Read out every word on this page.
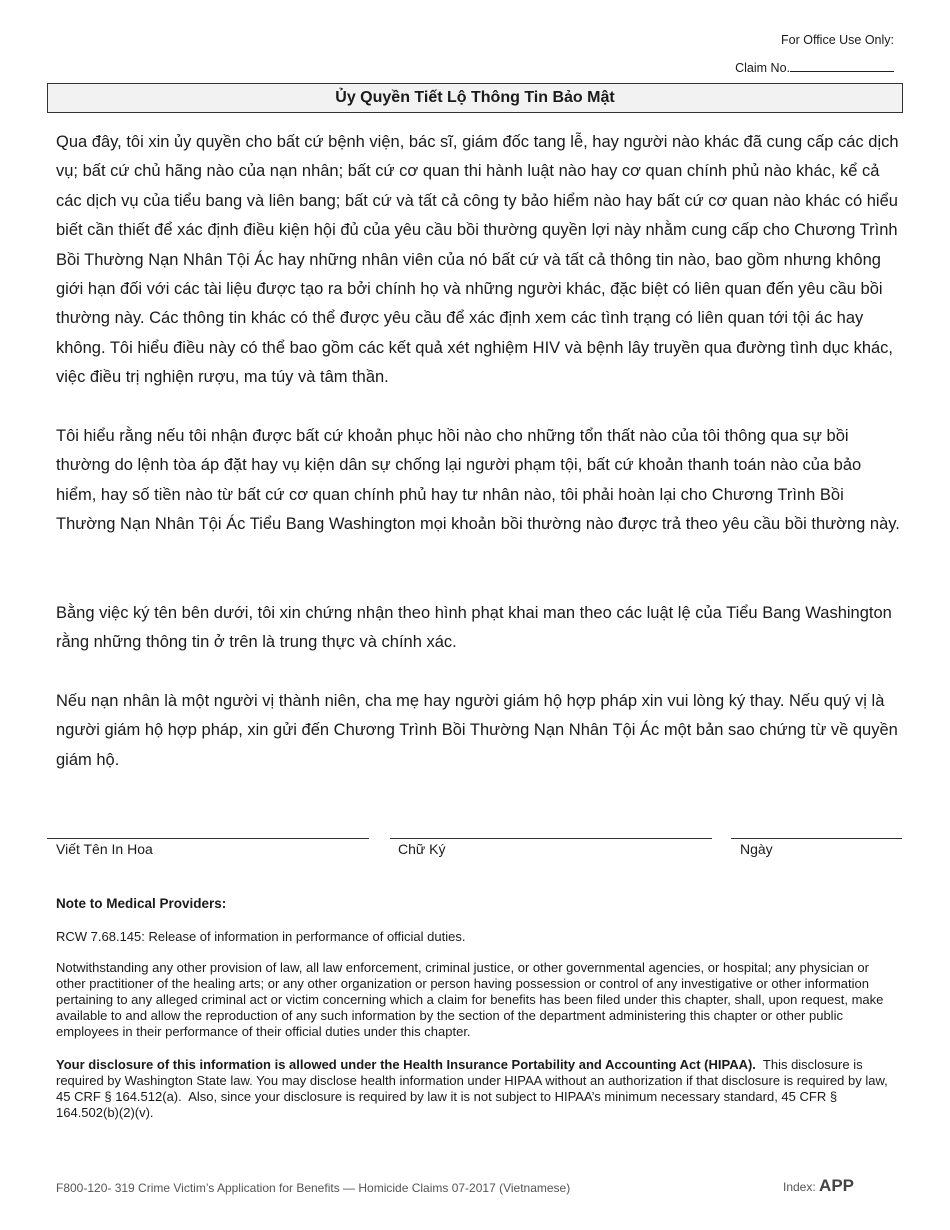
For Office Use Only:
Claim No.
Ủy Quyền Tiết Lộ Thông Tin Bảo Mật

Qua đây, tôi xin ủy quyền cho bất cứ bệnh viện, bác sĩ, giám đốc tang lễ, hay người nào khác đã cung cấp các dịch vụ; bất cứ chủ hãng nào của nạn nhân; bất cứ cơ quan thi hành luật nào hay cơ quan chính phủ nào khác, kể cả các dịch vụ của tiểu bang và liên bang; bất cứ và tất cả công ty bảo hiểm nào hay bất cứ cơ quan nào khác có hiểu biết cần thiết để xác định điều kiện hội đủ của yêu cầu bồi thường quyền lợi này nhằm cung cấp cho Chương Trình Bồi Thường Nạn Nhân Tội Ác hay những nhân viên của nó bất cứ và tất cả thông tin nào, bao gồm nhưng không giới hạn đối với các tài liệu được tạo ra bởi chính họ và những người khác, đặc biệt có liên quan đến yêu cầu bồi thường này. Các thông tin khác có thể được yêu cầu để xác định xem các tình trạng có liên quan tới tội ác hay không. Tôi hiểu điều này có thể bao gồm các kết quả xét nghiệm HIV và bệnh lây truyền qua đường tình dục khác, việc điều trị nghiện rượu, ma túy và tâm thần.

Tôi hiểu rằng nếu tôi nhận được bất cứ khoản phục hồi nào cho những tổn thất nào của tôi thông qua sự bồi thường do lệnh tòa áp đặt hay vụ kiện dân sự chống lại người phạm tội, bất cứ khoản thanh toán nào của bảo hiểm, hay số tiền nào từ bất cứ cơ quan chính phủ hay tư nhân nào, tôi phải hoàn lại cho Chương Trình Bồi Thường Nạn Nhân Tội Ác Tiểu Bang Washington mọi khoản bồi thường nào được trả theo yêu cầu bồi thường này.

Bằng việc ký tên bên dưới, tôi xin chứng nhận theo hình phạt khai man theo các luật lệ của Tiểu Bang Washington rằng những thông tin ở trên là trung thực và chính xác.

Nếu nạn nhân là một người vị thành niên, cha mẹ hay người giám hộ hợp pháp xin vui lòng ký thay. Nếu quý vị là người giám hộ hợp pháp, xin gửi đến Chương Trình Bồi Thường Nạn Nhân Tội Ác một bản sao chứng từ về quyền giám hộ.

Viết Tên In Hoa	Chữ Ký	Ngày
Note to Medical Providers:

RCW 7.68.145: Release of information in performance of official duties.

Notwithstanding any other provision of law, all law enforcement, criminal justice, or other governmental agencies, or hospital; any physician or other practitioner of the healing arts; or any other organization or person having possession or control of any investigative or other information pertaining to any alleged criminal act or victim concerning which a claim for benefits has been filed under this chapter, shall, upon request, make available to and allow the reproduction of any such information by the section of the department administering this chapter or other public employees in their performance of their official duties under this chapter.

Your disclosure of this information is allowed under the Health Insurance Portability and Accounting Act (HIPAA).  This disclosure is required by Washington State law. You may disclose health information under HIPAA without an authorization if that disclosure is required by law, 45 CRF § 164.512(a).  Also, since your disclosure is required by law it is not subject to HIPAA’s minimum necessary standard, 45 CFR § 164.502(b)(2)(v).

F800-120- 319 Crime Victim’s Application for Benefits — Homicide Claims 07-2017 (Vietnamese)	Index: APP
